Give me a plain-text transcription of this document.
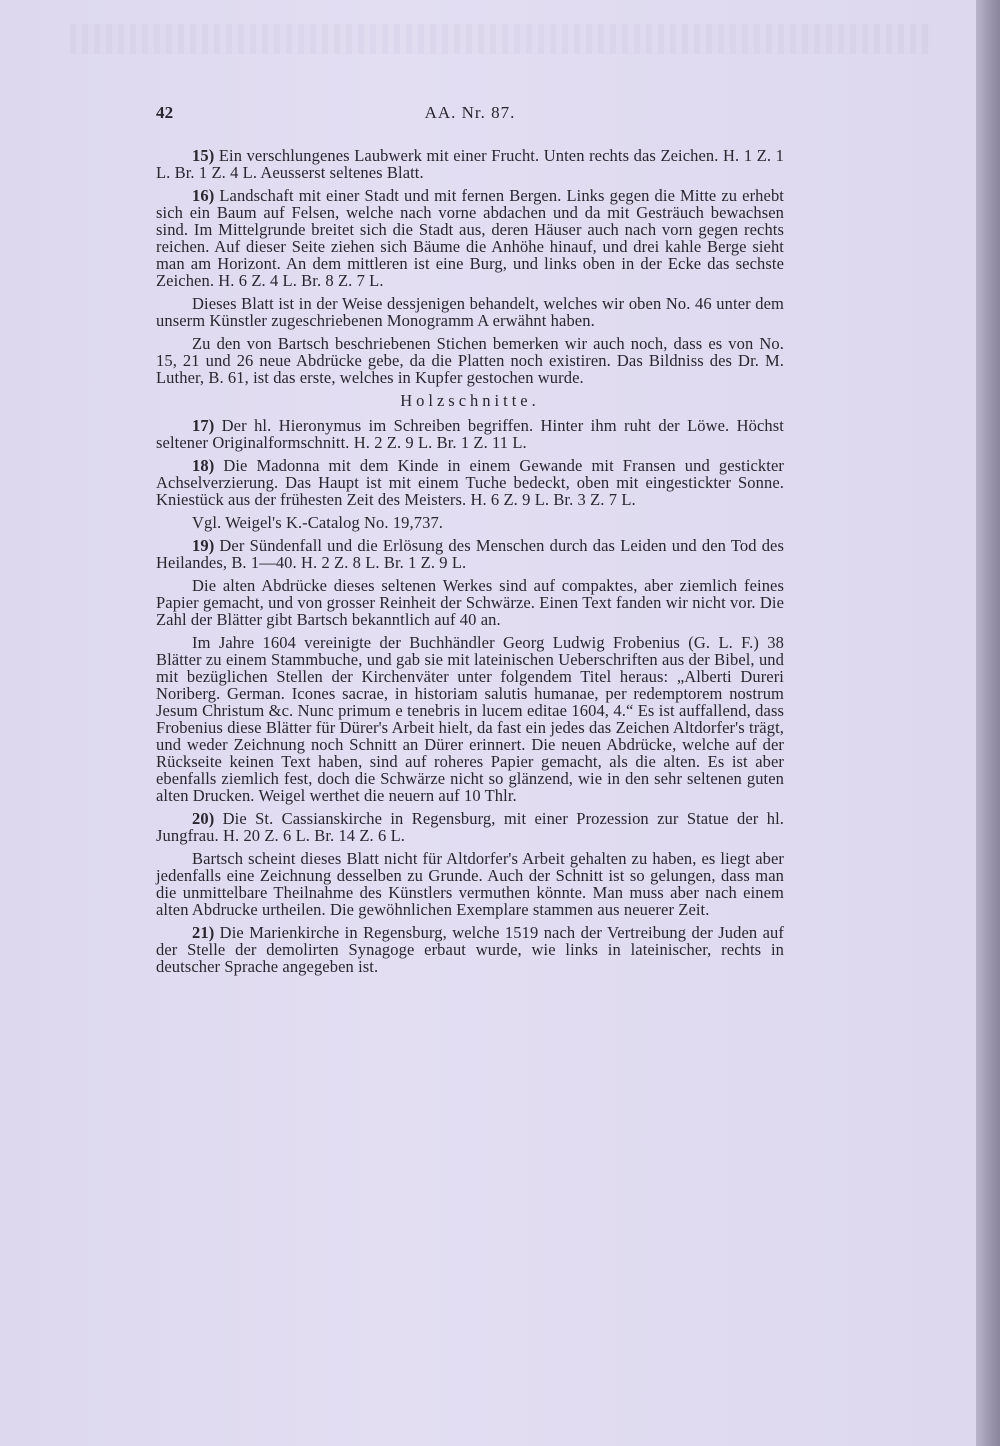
42	AA. Nr. 87.

15) Ein verschlungenes Laubwerk mit einer Frucht. Unten rechts das Zeichen. H. 1 Z. 1 L. Br. 1 Z. 4 L. Aeusserst seltenes Blatt.

16) Landschaft mit einer Stadt und mit fernen Bergen. Links gegen die Mitte zu erhebt sich ein Baum auf Felsen, welche nach vorne abdachen und da mit Gesträuch bewachsen sind. Im Mittelgrunde breitet sich die Stadt aus, deren Häuser auch nach vorn gegen rechts reichen. Auf dieser Seite ziehen sich Bäume die Anhöhe hinauf, und drei kahle Berge sieht man am Horizont. An dem mittleren ist eine Burg, und links oben in der Ecke das sechste Zeichen. H. 6 Z. 4 L. Br. 8 Z. 7 L.

Dieses Blatt ist in der Weise dessjenigen behandelt, welches wir oben No. 46 unter dem unserm Künstler zugeschriebenen Monogramm A erwähnt haben.

Zu den von Bartsch beschriebenen Stichen bemerken wir auch noch, dass es von No. 15, 21 und 26 neue Abdrücke gebe, da die Platten noch existiren. Das Bildniss des Dr. M. Luther, B. 61, ist das erste, welches in Kupfer gestochen wurde.

Holzschnitte.

17) Der hl. Hieronymus im Schreiben begriffen. Hinter ihm ruht der Löwe. Höchst seltener Originalformschnitt. H. 2 Z. 9 L. Br. 1 Z. 11 L.

18) Die Madonna mit dem Kinde in einem Gewande mit Fransen und gestickter Achselverzierung. Das Haupt ist mit einem Tuche bedeckt, oben mit eingestickter Sonne. Kniestück aus der frühesten Zeit des Meisters. H. 6 Z. 9 L. Br. 3 Z. 7 L.

Vgl. Weigel's K.-Catalog No. 19,737.

19) Der Sündenfall und die Erlösung des Menschen durch das Leiden und den Tod des Heilandes, B. 1—40. H. 2 Z. 8 L. Br. 1 Z. 9 L.

Die alten Abdrücke dieses seltenen Werkes sind auf compaktes, aber ziemlich feines Papier gemacht, und von grosser Reinheit der Schwärze. Einen Text fanden wir nicht vor. Die Zahl der Blätter gibt Bartsch bekanntlich auf 40 an.

Im Jahre 1604 vereinigte der Buchhändler Georg Ludwig Frobenius (G. L. F.) 38 Blätter zu einem Stammbuche, und gab sie mit lateinischen Ueberschriften aus der Bibel, und mit bezüglichen Stellen der Kirchenväter unter folgendem Titel heraus: „Alberti Dureri Noriberg. German. Icones sacrae, in historiam salutis humanae, per redemptorem nostrum Jesum Christum &c. Nunc primum e tenebris in lucem editae 1604, 4.“ Es ist auffallend, dass Frobenius diese Blätter für Dürer's Arbeit hielt, da fast ein jedes das Zeichen Altdorfer's trägt, und weder Zeichnung noch Schnitt an Dürer erinnert. Die neuen Abdrücke, welche auf der Rückseite keinen Text haben, sind auf roheres Papier gemacht, als die alten. Es ist aber ebenfalls ziemlich fest, doch die Schwärze nicht so glänzend, wie in den sehr seltenen guten alten Drucken. Weigel werthet die neuern auf 10 Thlr.

20) Die St. Cassianskirche in Regensburg, mit einer Prozession zur Statue der hl. Jungfrau. H. 20 Z. 6 L. Br. 14 Z. 6 L.

Bartsch scheint dieses Blatt nicht für Altdorfer's Arbeit gehalten zu haben, es liegt aber jedenfalls eine Zeichnung desselben zu Grunde. Auch der Schnitt ist so gelungen, dass man die unmittelbare Theilnahme des Künstlers vermuthen könnte. Man muss aber nach einem alten Abdrucke urtheilen. Die gewöhnlichen Exemplare stammen aus neuerer Zeit.

21) Die Marienkirche in Regensburg, welche 1519 nach der Vertreibung der Juden auf der Stelle der demolirten Synagoge erbaut wurde, wie links in lateinischer, rechts in deutscher Sprache angegeben ist.
